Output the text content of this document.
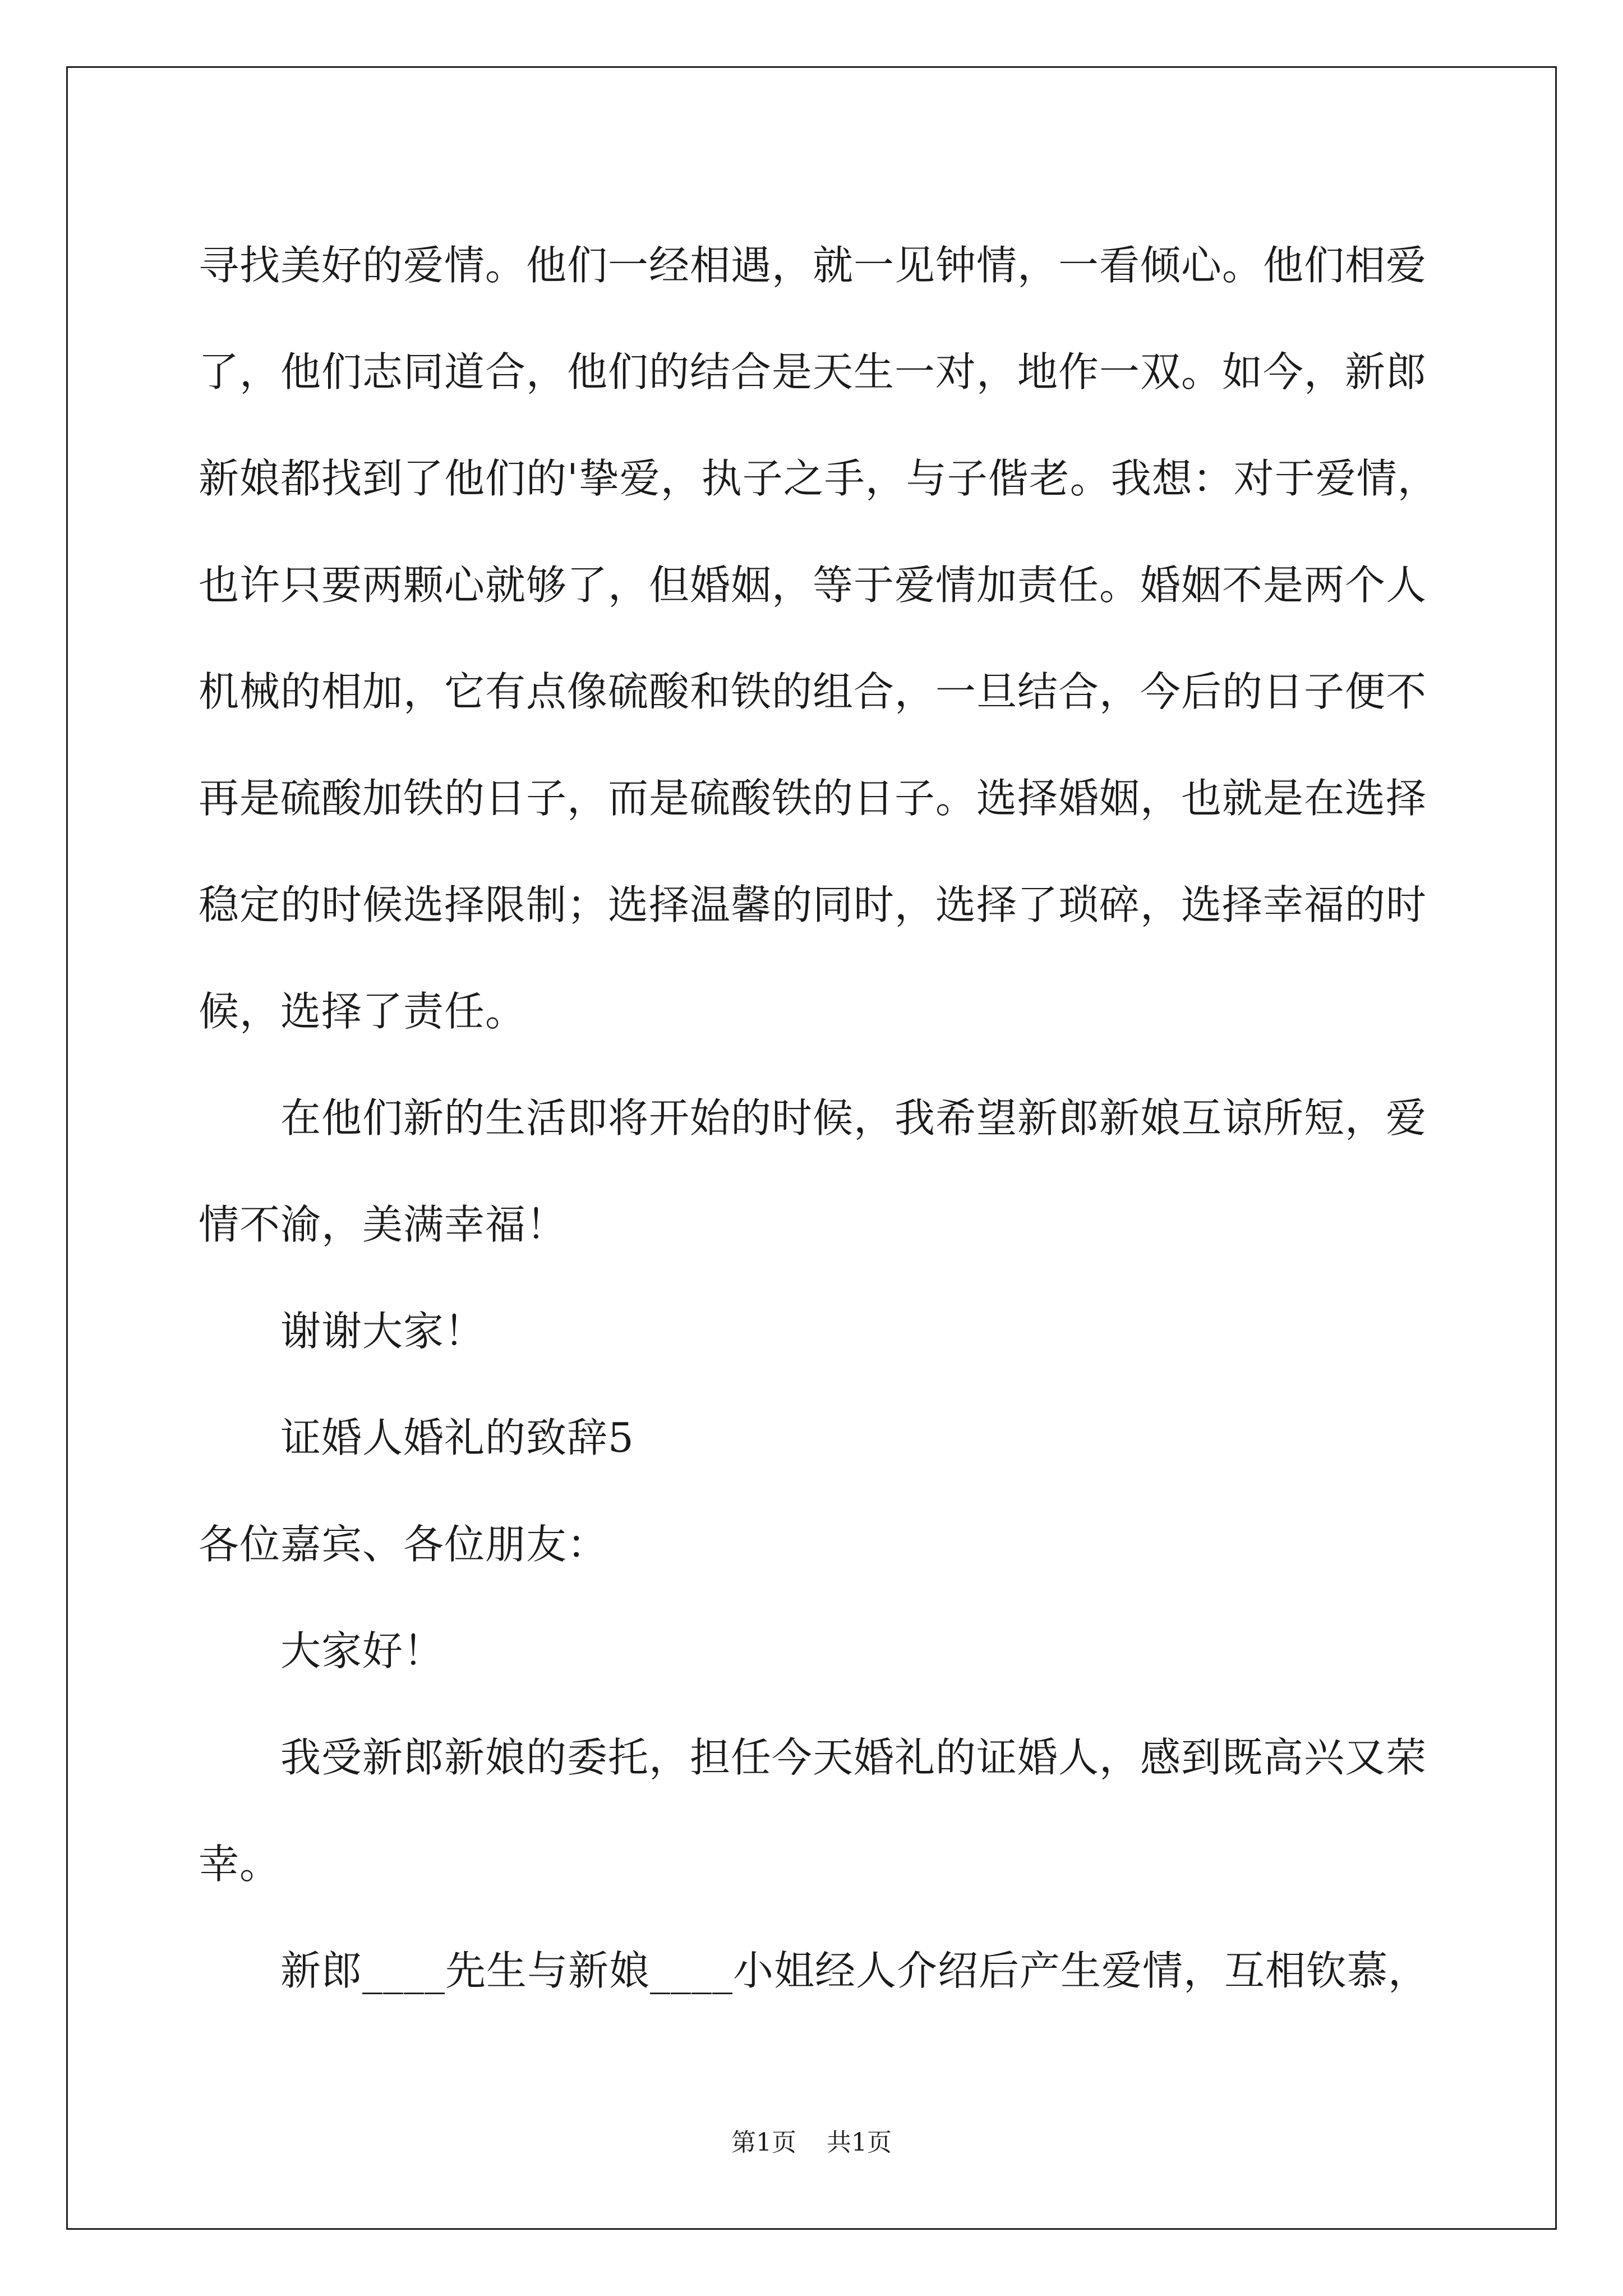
寻找美好的爱情。他们一经相遇，就一见钟情，一看倾心。他们相爱
了，他们志同道合，他们的结合是天生一对，地作一双。如今，新郎
新娘都找到了他们的'挚爱，执子之手，与子偕老。我想：对于爱情，
也许只要两颗心就够了，但婚姻，等于爱情加责任。婚姻不是两个人
机械的相加，它有点像硫酸和铁的组合，一旦结合，今后的日子便不
再是硫酸加铁的日子，而是硫酸铁的日子。选择婚姻，也就是在选择
稳定的时候选择限制；选择温馨的同时，选择了琐碎，选择幸福的时
候，选择了责任。
在他们新的生活即将开始的时候，我希望新郎新娘互谅所短，爱
情不渝，美满幸福！
谢谢大家！
证婚人婚礼的致辞5
各位嘉宾、各位朋友：
大家好！
我受新郎新娘的委托，担任今天婚礼的证婚人，感到既高兴又荣
幸。
新郎____先生与新娘____小姐经人介绍后产生爱情，互相钦慕，
第1页 共1页
